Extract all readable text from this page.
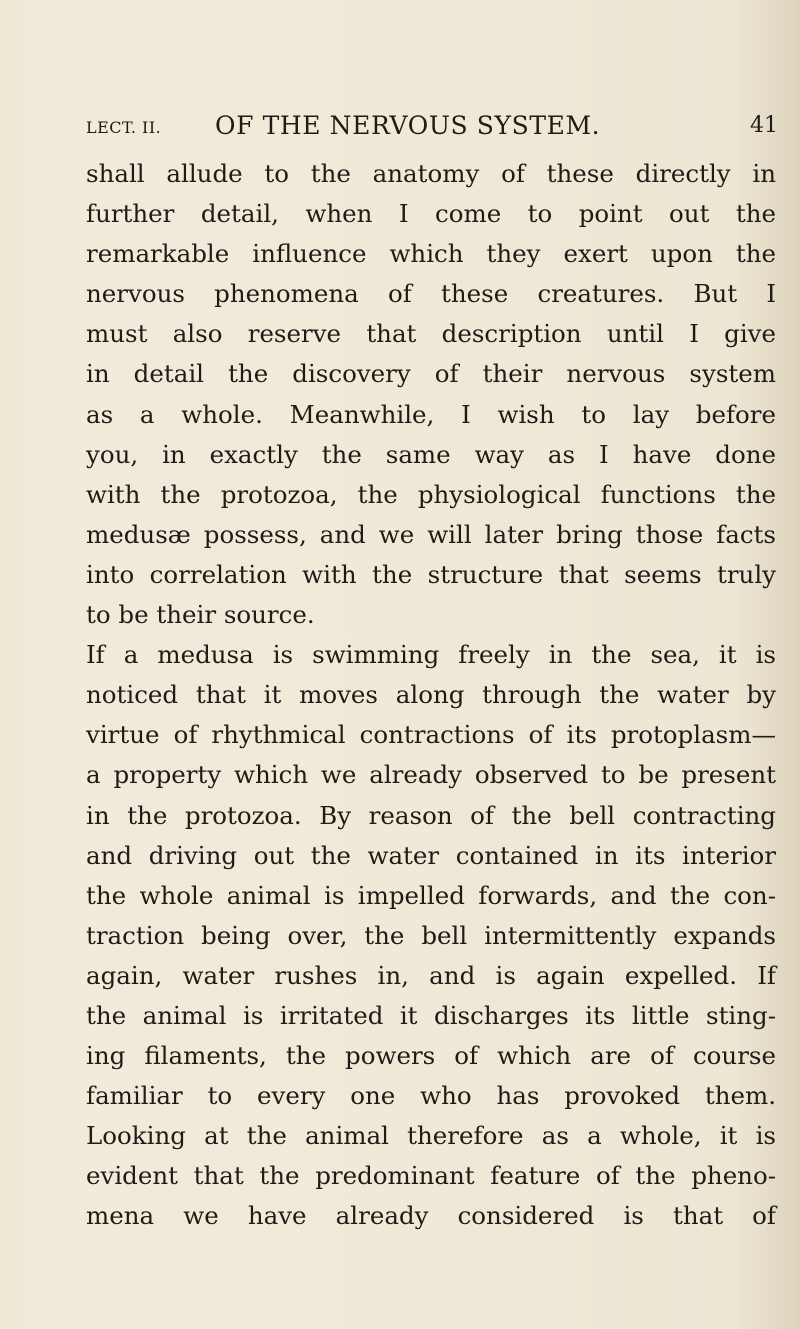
LECT. II. OF THE NERVOUS SYSTEM.	41
shall allude to the anatomy of these directly in
further detail, when I come to point out the
remarkable influence which they exert upon the
nervous phenomena of these creatures. But I
must also reserve that description until I give
in detail the discovery of their nervous system
as a whole. Meanwhile, I wish to lay before
you, in exactly the same way as I have done
with the protozoa, the physiological functions the
medusæ possess, and we will later bring those facts
into correlation with the structure that seems truly
to be their source.
If a medusa is swimming freely in the sea, it is
noticed that it moves along through the water by
virtue of rhythmical contractions of its protoplasm—
a property which we already observed to be present
in the protozoa. By reason of the bell contracting
and driving out the water contained in its interior
the whole animal is impelled forwards, and the con-
traction being over, the bell intermittently expands
again, water rushes in, and is again expelled. If
the animal is irritated it discharges its little sting-
ing filaments, the powers of which are of course
familiar to every one who has provoked them.
Looking at the animal therefore as a whole, it is
evident that the predominant feature of the pheno-
mena we have already considered is that of
